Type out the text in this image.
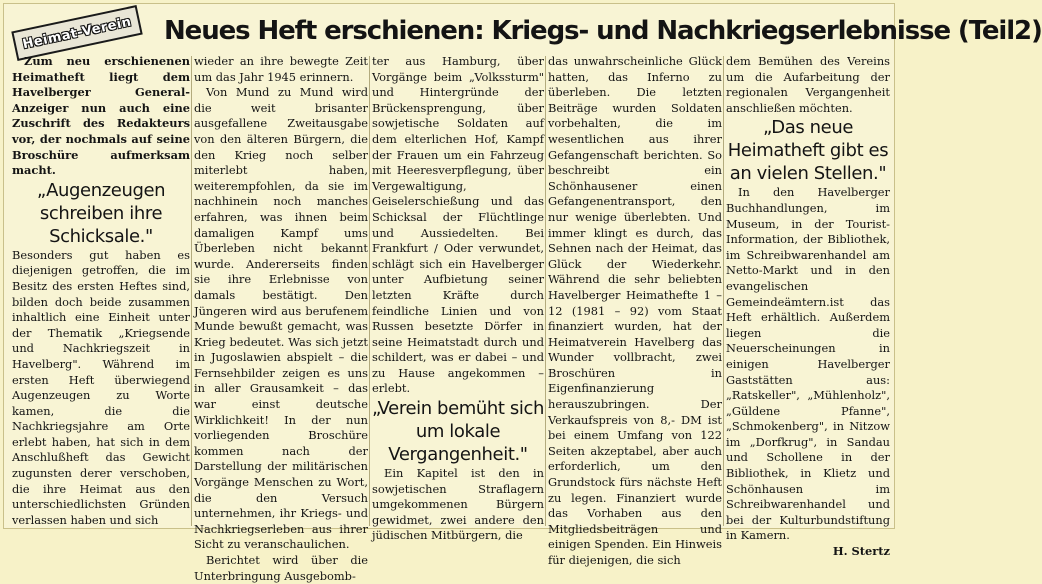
Heimat-Verein	Neues Heft erschienen: Kriegs- und Nachkriegserlebnisse (Teil2)

Zum neu erschienenen Heimatheft liegt dem Havelberger General-Anzeiger nun auch eine Zuschrift des Redakteurs vor, der nochmals auf seine Broschüre aufmerksam macht.

„Augenzeugen schreiben ihre Schicksale."

Besonders gut haben es diejenigen getroffen, die im Besitz des ersten Heftes sind, bilden doch beide zusammen inhaltlich eine Einheit unter der Thematik „Kriegsende und Nachkriegszeit in Havelberg". Während im ersten Heft überwiegend Augenzeugen zu Worte kamen, die die Nachkriegsjahre am Orte erlebt haben, hat sich in dem Anschlußheft das Gewicht zugunsten derer verschoben, die ihre Heimat aus den unterschiedlichsten Gründen verlassen haben und sich

wieder an ihre bewegte Zeit um das Jahr 1945 erinnern.

Von Mund zu Mund wird die weit brisanter ausgefallene Zweitausgabe von den älteren Bürgern, die den Krieg noch selber miterlebt haben, weiterempfohlen, da sie im nachhinein noch manches erfahren, was ihnen beim damaligen Kampf ums Überleben nicht bekannt wurde. Andererseits finden sie ihre Erlebnisse von damals bestätigt. Den Jüngeren wird aus berufenem Munde bewußt gemacht, was Krieg bedeutet. Was sich jetzt in Jugoslawien abspielt – die Fernsehbilder zeigen es uns in aller Grausamkeit – das war einst deutsche Wirklichkeit! In der nun vorliegenden Broschüre kommen nach der Darstellung der militärischen Vorgänge Menschen zu Wort, die den Versuch unternehmen, ihr Kriegs- und Nachkriegserleben aus ihrer Sicht zu veranschaulichen.

Berichtet wird über die Unterbringung Ausgebomb-

ter aus Hamburg, über Vorgänge beim „Volkssturm" und Hintergründe der Brückensprengung, über sowjetische Soldaten auf dem elterlichen Hof, Kampf der Frauen um ein Fahrzeug mit Heeresverpflegung, über Vergewaltigung, Geiselerschießung und das Schicksal der Flüchtlinge und Aussiedelten. Bei Frankfurt / Oder verwundet, schlägt sich ein Havelberger unter Aufbietung seiner letzten Kräfte durch feindliche Linien und von Russen besetzte Dörfer in seine Heimatstadt durch und schildert, was er dabei – und zu Hause angekommen – erlebt.

„Verein bemüht sich um lokale Vergangenheit."

Ein Kapitel ist den in sowjetischen Straflagern umgekommenen Bürgern gewidmet, zwei andere den jüdischen Mitbürgern, die

das unwahrscheinliche Glück hatten, das Inferno zu überleben. Die letzten Beiträge wurden Soldaten vorbehalten, die im wesentlichen aus ihrer Gefangenschaft berichten. So beschreibt ein Schönhausener einen Gefangenentransport, den nur wenige überlebten. Und immer klingt es durch, das Sehnen nach der Heimat, das Glück der Wiederkehr. Während die sehr beliebten Havelberger Heimathefte 1 – 12 (1981 – 92) vom Staat finanziert wurden, hat der Heimatverein Havelberg das Wunder vollbracht, zwei Broschüren in Eigenfinanzierung herauszubringen. Der Verkaufspreis von 8,- DM ist bei einem Umfang von 122 Seiten akzeptabel, aber auch erforderlich, um den Grundstock fürs nächste Heft zu legen. Finanziert wurde das Vorhaben aus den Mitgliedsbeiträgen und einigen Spenden. Ein Hinweis für diejenigen, die sich

dem Bemühen des Vereins um die Aufarbeitung der regionalen Vergangenheit anschließen möchten.

„Das neue Heimatheft gibt es an vielen Stellen."

In den Havelberger Buchhandlungen, im Museum, in der Tourist-Information, der Bibliothek, im Schreibwarenhandel am Netto-Markt und in den evangelischen Gemeindeämtern.ist das Heft erhältlich. Außerdem liegen die Neuerscheinungen in einigen Havelberger Gaststätten aus: „Ratskeller", „Mühlenholz", „Güldene Pfanne", „Schmokenberg", in Nitzow im „Dorfkrug", in Sandau und Schollene in der Bibliothek, in Klietz und Schönhausen im Schreibwarenhandel und bei der Kulturbundstiftung in Kamern.

H. Stertz
